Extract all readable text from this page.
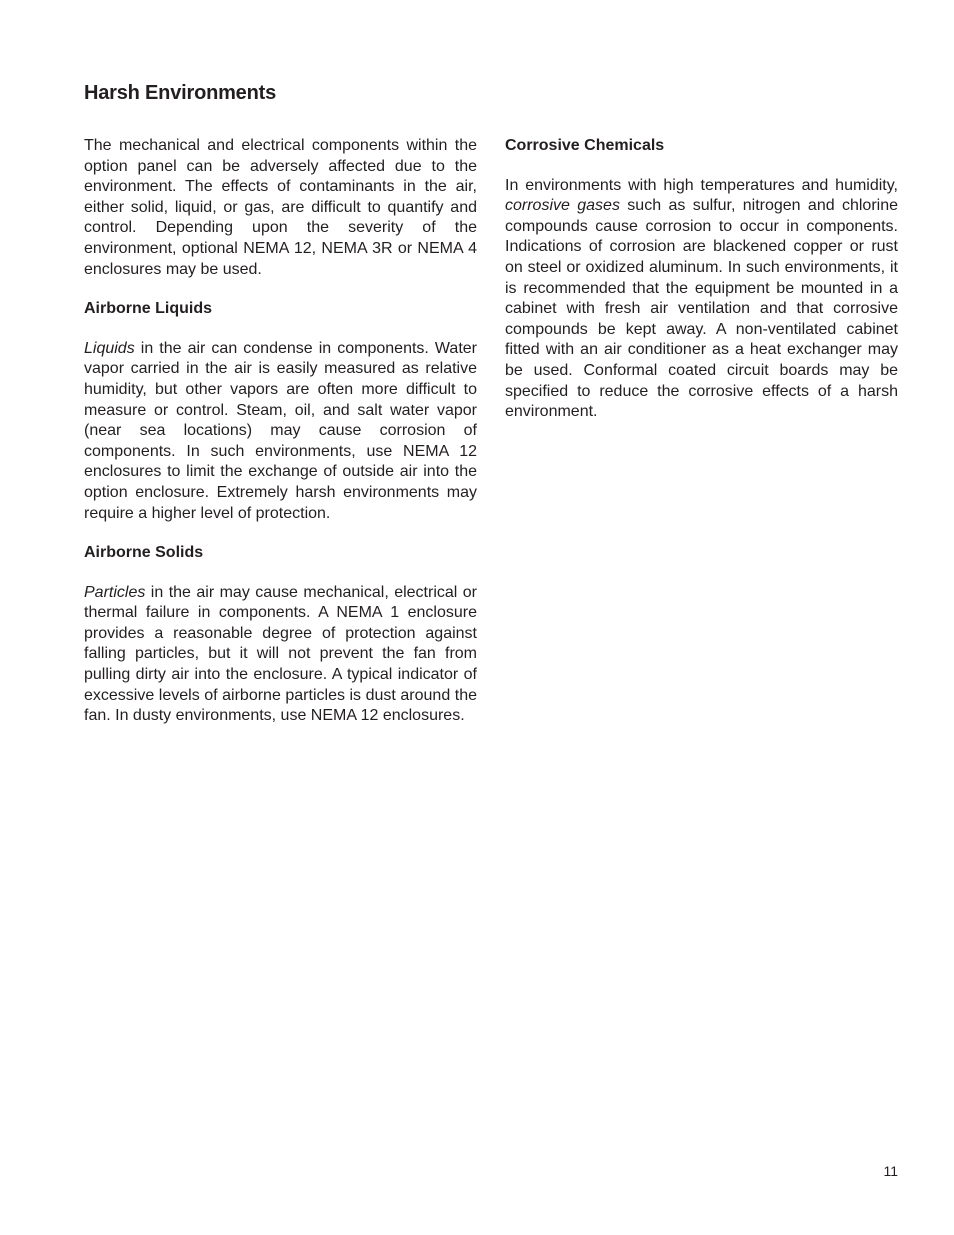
Harsh Environments

The mechanical and electrical components within the option panel can be adversely affected due to the environment. The effects of contaminants in the air, either solid, liquid, or gas, are difficult to quantify and control. Depending upon the severity of the environment, optional NEMA 12, NEMA 3R or NEMA 4 enclosures may be used.

Airborne Liquids

Liquids in the air can condense in components. Water vapor carried in the air is easily measured as relative humidity, but other vapors are often more difficult to measure or control. Steam, oil, and salt water vapor (near sea locations) may cause corrosion of components. In such environments, use NEMA 12 enclosures to limit the exchange of outside air into the option enclosure. Extremely harsh environments may require a higher level of protection.

Airborne Solids

Particles in the air may cause mechanical, electrical or thermal failure in components. A NEMA 1 enclosure provides a reasonable degree of protection against falling particles, but it will not prevent the fan from pulling dirty air into the enclosure. A typical indicator of excessive levels of airborne particles is dust around the fan. In dusty environments, use NEMA 12 enclosures.

Corrosive Chemicals

In environments with high temperatures and humidity, corrosive gases such as sulfur, nitrogen and chlorine compounds cause corrosion to occur in components. Indications of corrosion are blackened copper or rust on steel or oxidized aluminum. In such environments, it is recommended that the equipment be mounted in a cabinet with fresh air ventilation and that corrosive compounds be kept away. A non-ventilated cabinet fitted with an air conditioner as a heat exchanger may be used. Conformal coated circuit boards may be specified to reduce the corrosive effects of a harsh environment.

11
